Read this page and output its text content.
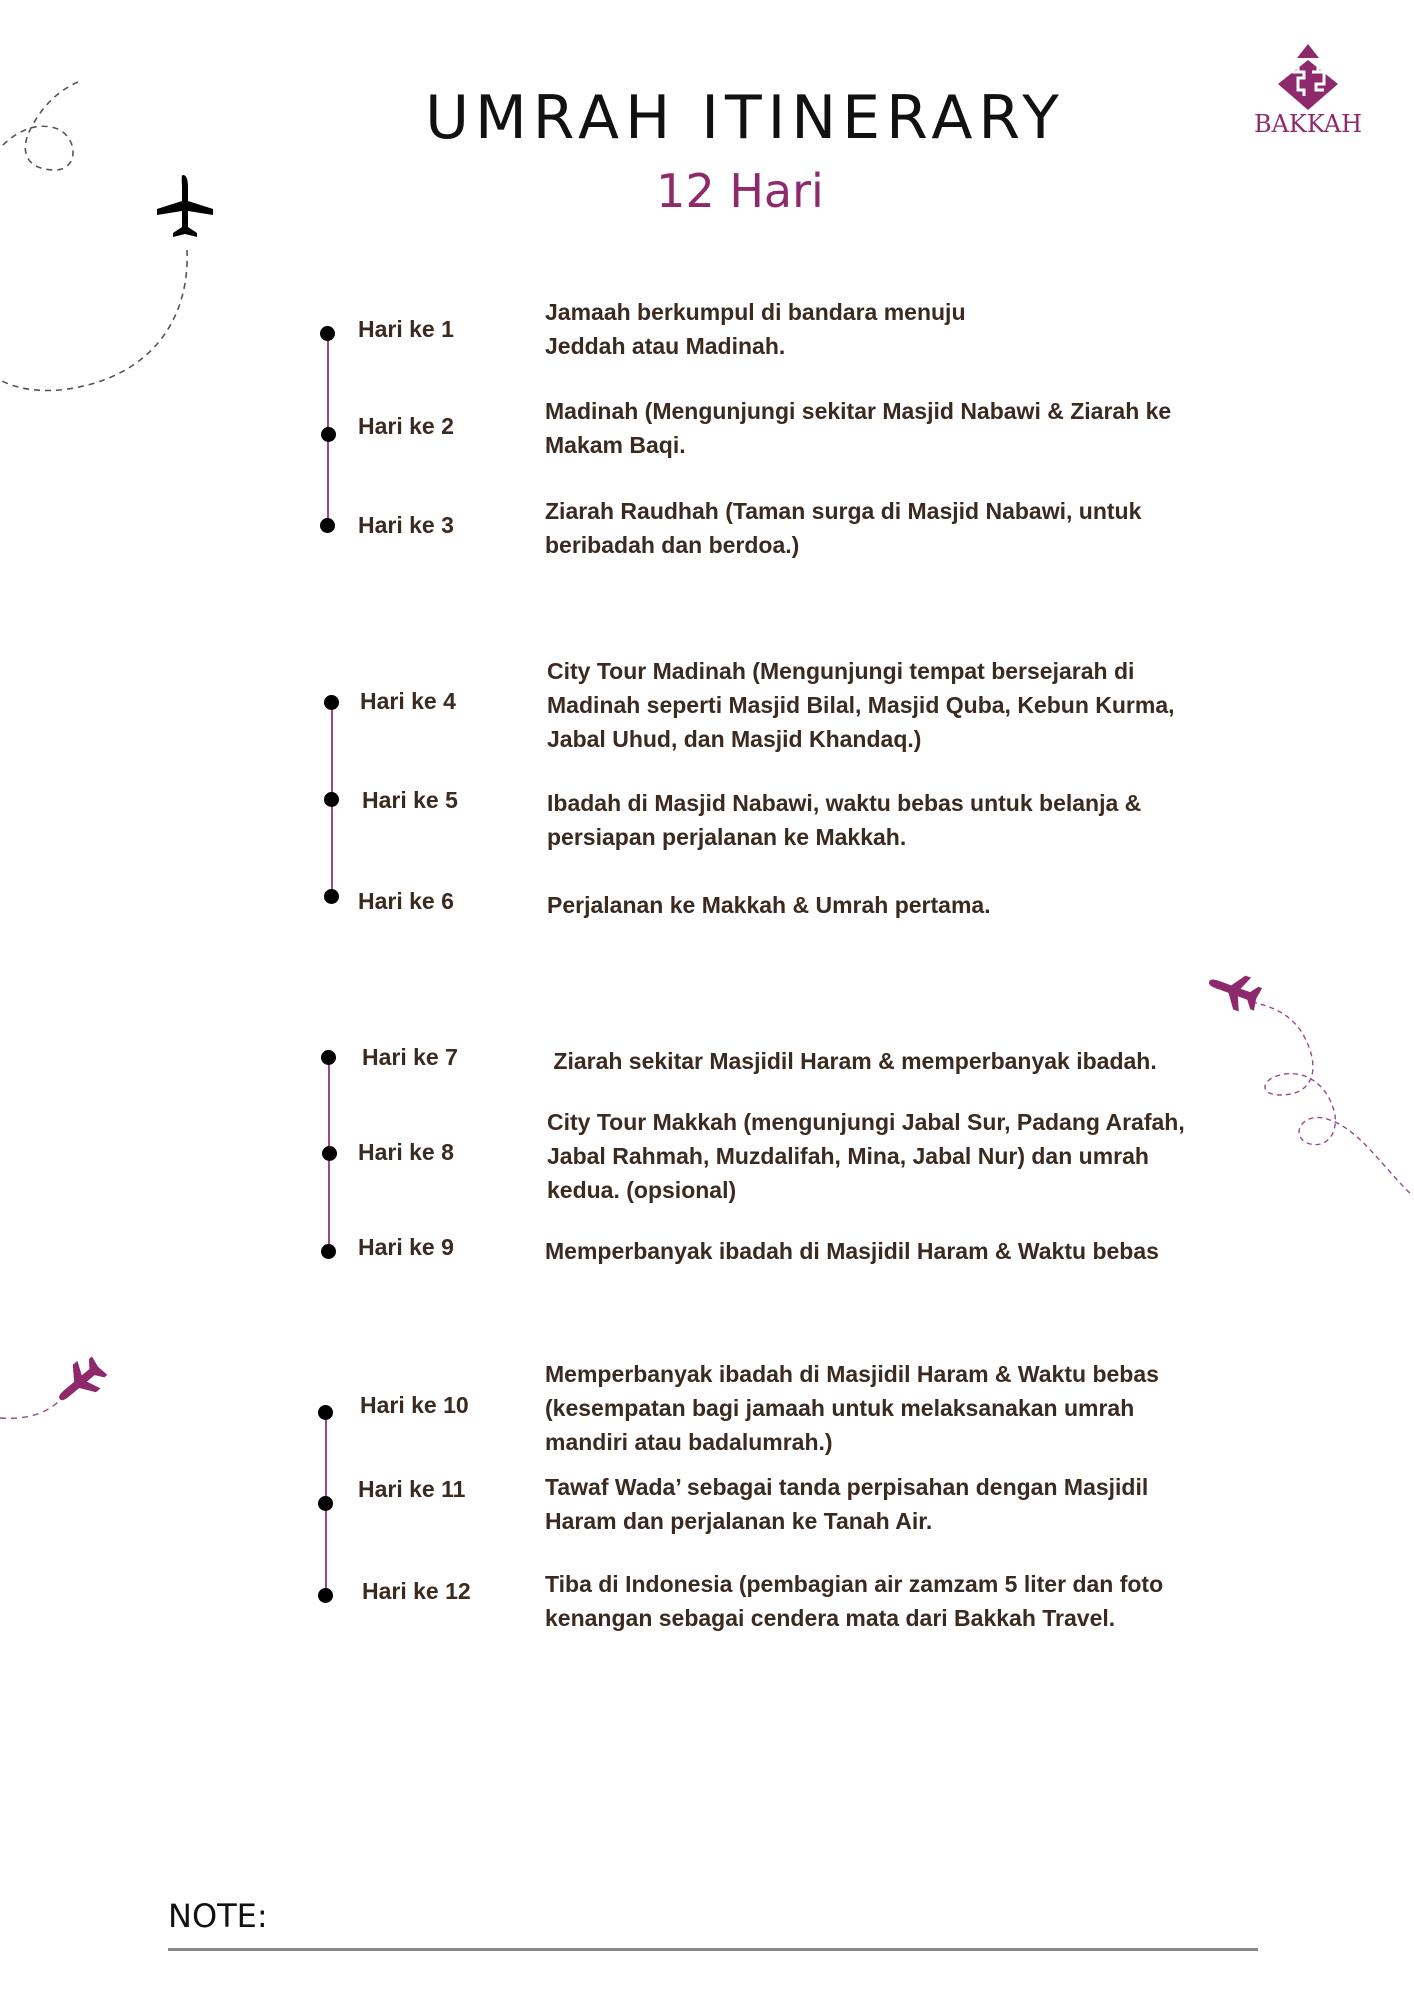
UMRAH ITINERARY
12 Hari
BAKKAH
Hari ke 1
Jamaah berkumpul di bandara menuju
Jeddah atau Madinah.
Hari ke 2
Madinah (Mengunjungi sekitar Masjid Nabawi & Ziarah ke
Makam Baqi.
Hari ke 3
Ziarah Raudhah (Taman surga di Masjid Nabawi, untuk
beribadah dan berdoa.)
Hari ke 4
City Tour Madinah (Mengunjungi tempat bersejarah di
Madinah seperti Masjid Bilal, Masjid Quba, Kebun Kurma,
Jabal Uhud, dan Masjid Khandaq.)
Hari ke 5	Ibadah di Masjid Nabawi, waktu bebas untuk belanja &
persiapan perjalanan ke Makkah.
Hari ke 6	Perjalanan ke Makkah & Umrah pertama.
Hari ke 7	Ziarah sekitar Masjidil Haram & memperbanyak ibadah.
Hari ke 8
City Tour Makkah (mengunjungi Jabal Sur, Padang Arafah,
Jabal Rahmah, Muzdalifah, Mina, Jabal Nur) dan umrah
kedua. (opsional)
Hari ke 9	Memperbanyak ibadah di Masjidil Haram & Waktu bebas
Hari ke 10
Memperbanyak ibadah di Masjidil Haram & Waktu bebas
(kesempatan bagi jamaah untuk melaksanakan umrah
mandiri atau badalumrah.)
Hari ke 11	Tawaf Wada’ sebagai tanda perpisahan dengan Masjidil
Haram dan perjalanan ke Tanah Air.
Hari ke 12	Tiba di Indonesia (pembagian air zamzam 5 liter dan foto
kenangan sebagai cendera mata dari Bakkah Travel.
NOTE:
